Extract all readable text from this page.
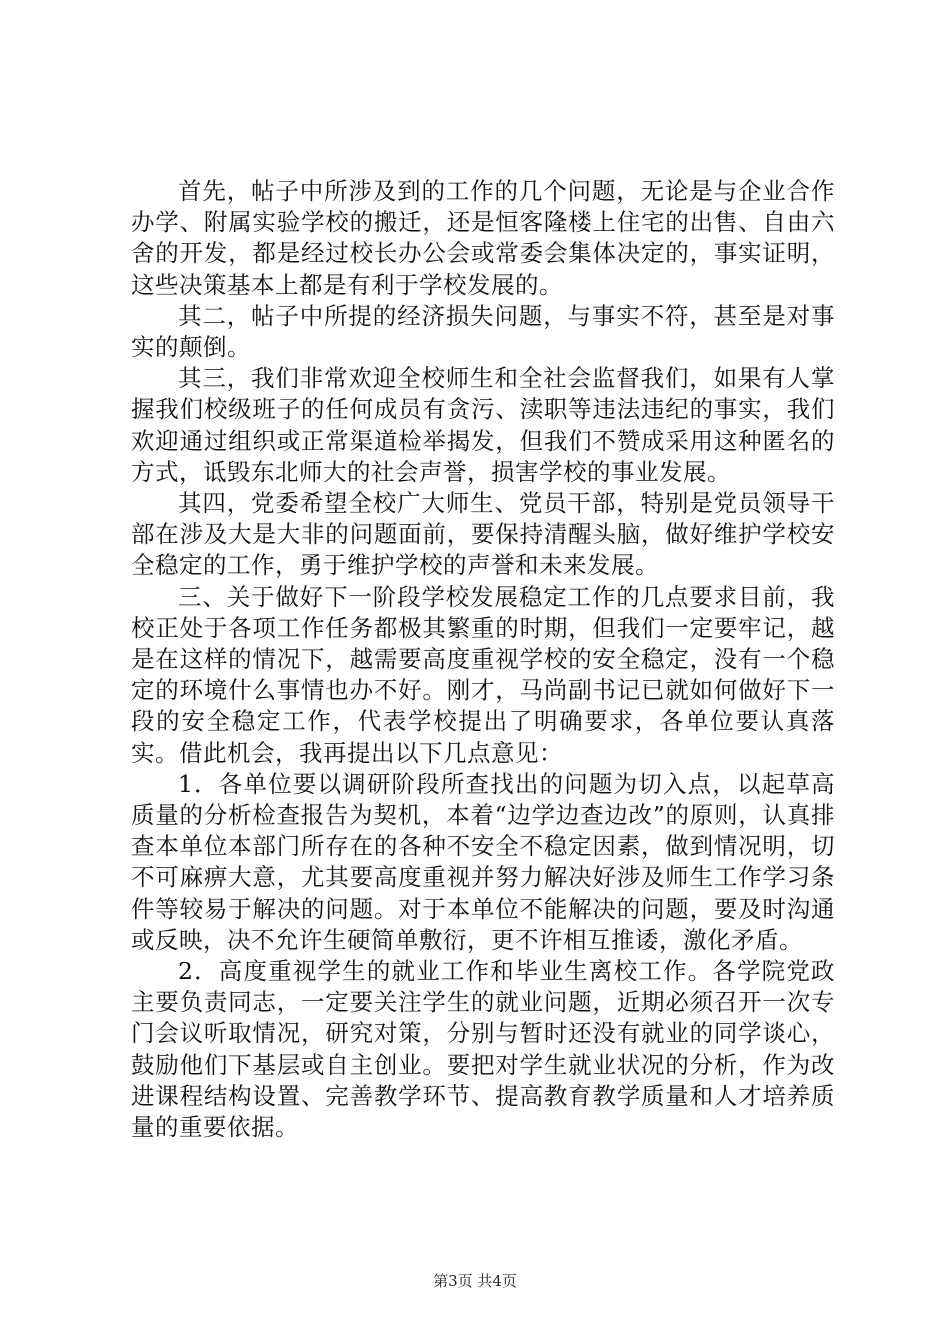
首先，帖子中所涉及到的工作的几个问题，无论是与企业合作办学、附属实验学校的搬迁，还是恒客隆楼上住宅的出售、自由六舍的开发，都是经过校长办公会或常委会集体决定的，事实证明，这些决策基本上都是有利于学校发展的。

其二，帖子中所提的经济损失问题，与事实不符，甚至是对事实的颠倒。

其三，我们非常欢迎全校师生和全社会监督我们，如果有人掌握我们校级班子的任何成员有贪污、渎职等违法违纪的事实，我们欢迎通过组织或正常渠道检举揭发，但我们不赞成采用这种匿名的方式，诋毁东北师大的社会声誉，损害学校的事业发展。

其四，党委希望全校广大师生、党员干部，特别是党员领导干部在涉及大是大非的问题面前，要保持清醒头脑，做好维护学校安全稳定的工作，勇于维护学校的声誉和未来发展。

三、关于做好下一阶段学校发展稳定工作的几点要求目前，我校正处于各项工作任务都极其繁重的时期，但我们一定要牢记，越是在这样的情况下，越需要高度重视学校的安全稳定，没有一个稳定的环境什么事情也办不好。刚才，马尚副书记已就如何做好下一段的安全稳定工作，代表学校提出了明确要求，各单位要认真落实。借此机会，我再提出以下几点意见：

1．各单位要以调研阶段所查找出的问题为切入点，以起草高质量的分析检查报告为契机，本着“边学边查边改”的原则，认真排查本单位本部门所存在的各种不安全不稳定因素，做到情况明，切不可麻痹大意，尤其要高度重视并努力解决好涉及师生工作学习条件等较易于解决的问题。对于本单位不能解决的问题，要及时沟通或反映，决不允许生硬简单敷衍，更不许相互推诿，激化矛盾。

2．高度重视学生的就业工作和毕业生离校工作。各学院党政主要负责同志，一定要关注学生的就业问题，近期必须召开一次专门会议听取情况，研究对策，分别与暂时还没有就业的同学谈心，鼓励他们下基层或自主创业。要把对学生就业状况的分析，作为改进课程结构设置、完善教学环节、提高教育教学质量和人才培养质量的重要依据。

第3页 共4页
